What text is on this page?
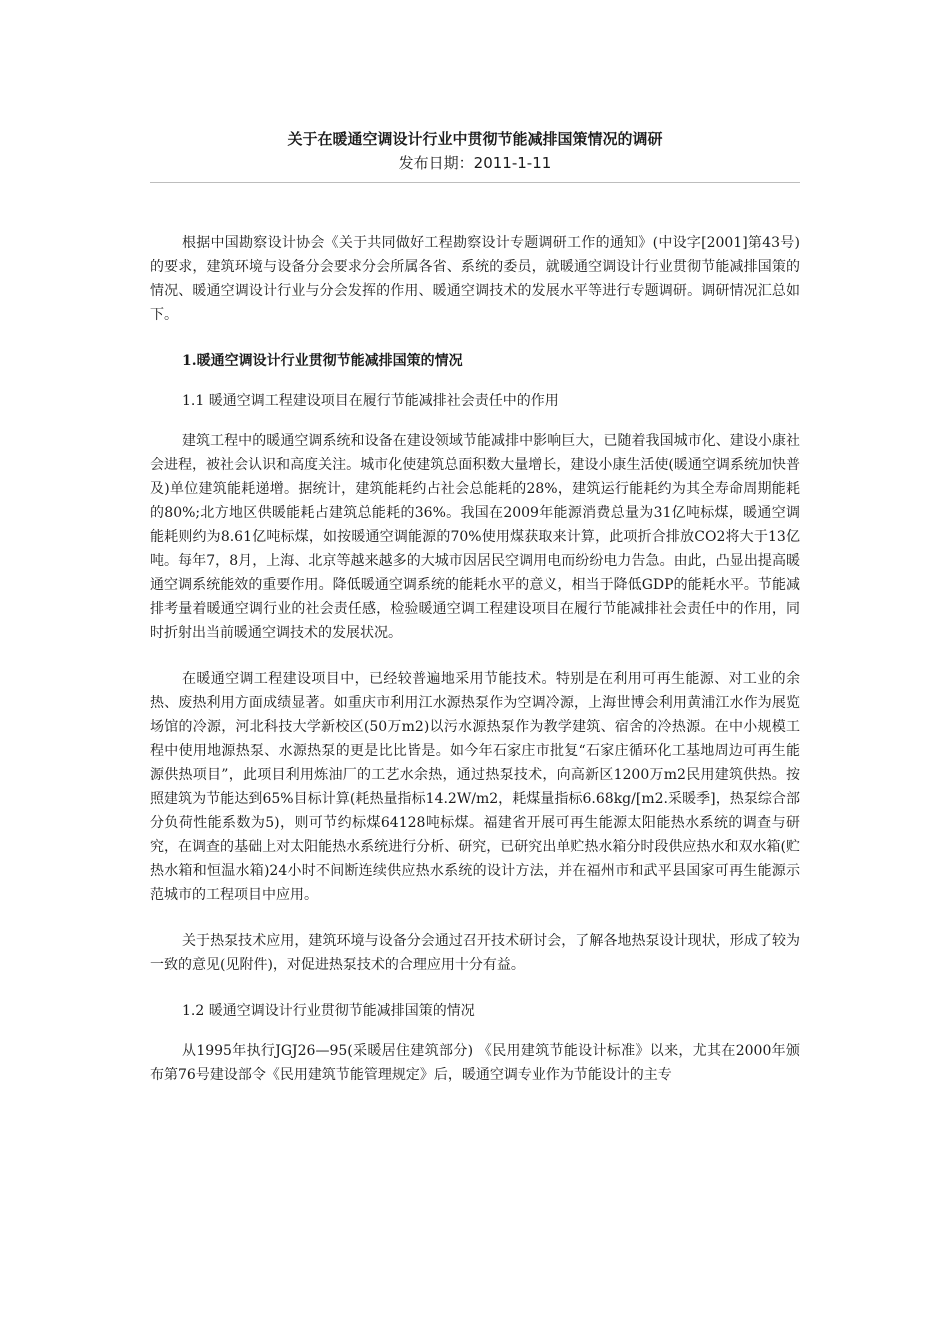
关于在暖通空调设计行业中贯彻节能减排国策情况的调研
发布日期：2011-1-11

根据中国勘察设计协会《关于共同做好工程勘察设计专题调研工作的通知》(中设字[2001]第43号)的要求，建筑环境与设备分会要求分会所属各省、系统的委员，就暖通空调设计行业贯彻节能减排国策的情况、暖通空调设计行业与分会发挥的作用、暖通空调技术的发展水平等进行专题调研。调研情况汇总如下。

1.暖通空调设计行业贯彻节能减排国策的情况

1.1 暖通空调工程建设项目在履行节能减排社会责任中的作用

建筑工程中的暖通空调系统和设备在建设领域节能减排中影响巨大，已随着我国城市化、建设小康社会进程，被社会认识和高度关注。城市化使建筑总面积数大量增长，建设小康生活使(暖通空调系统加快普及)单位建筑能耗递增。据统计，建筑能耗约占社会总能耗的28%，建筑运行能耗约为其全寿命周期能耗的80%;北方地区供暖能耗占建筑总能耗的36%。我国在2009年能源消费总量为31亿吨标煤，暖通空调能耗则约为8.61亿吨标煤，如按暖通空调能源的70%使用煤获取来计算，此项折合排放CO2将大于13亿吨。每年7，8月，上海、北京等越来越多的大城市因居民空调用电而纷纷电力告急。由此，凸显出提高暖通空调系统能效的重要作用。降低暖通空调系统的能耗水平的意义，相当于降低GDP的能耗水平。节能减排考量着暖通空调行业的社会责任感，检验暖通空调工程建设项目在履行节能减排社会责任中的作用，同时折射出当前暖通空调技术的发展状况。

在暖通空调工程建设项目中，已经较普遍地采用节能技术。特别是在利用可再生能源、对工业的余热、废热利用方面成绩显著。如重庆市利用江水源热泵作为空调冷源，上海世博会利用黄浦江水作为展览场馆的冷源，河北科技大学新校区(50万m2)以污水源热泵作为教学建筑、宿舍的冷热源。在中小规模工程中使用地源热泵、水源热泵的更是比比皆是。如今年石家庄市批复“石家庄循环化工基地周边可再生能源供热项目”，此项目利用炼油厂的工艺水余热，通过热泵技术，向高新区1200万m2民用建筑供热。按照建筑为节能达到65%目标计算(耗热量指标14.2W/m2，耗煤量指标6.68kg/[m2.采暖季]，热泵综合部分负荷性能系数为5)，则可节约标煤64128吨标煤。福建省开展可再生能源太阳能热水系统的调查与研究，在调查的基础上对太阳能热水系统进行分析、研究，已研究出单贮热水箱分时段供应热水和双水箱(贮热水箱和恒温水箱)24小时不间断连续供应热水系统的设计方法，并在福州市和武平县国家可再生能源示范城市的工程项目中应用。

关于热泵技术应用，建筑环境与设备分会通过召开技术研讨会，了解各地热泵设计现状，形成了较为一致的意见(见附件)，对促进热泵技术的合理应用十分有益。

1.2 暖通空调设计行业贯彻节能减排国策的情况

从1995年执行JGJ26—95(采暖居住建筑部分) 《民用建筑节能设计标准》以来，尤其在2000年颁布第76号建设部令《民用建筑节能管理规定》后，暖通空调专业作为节能设计的主专
